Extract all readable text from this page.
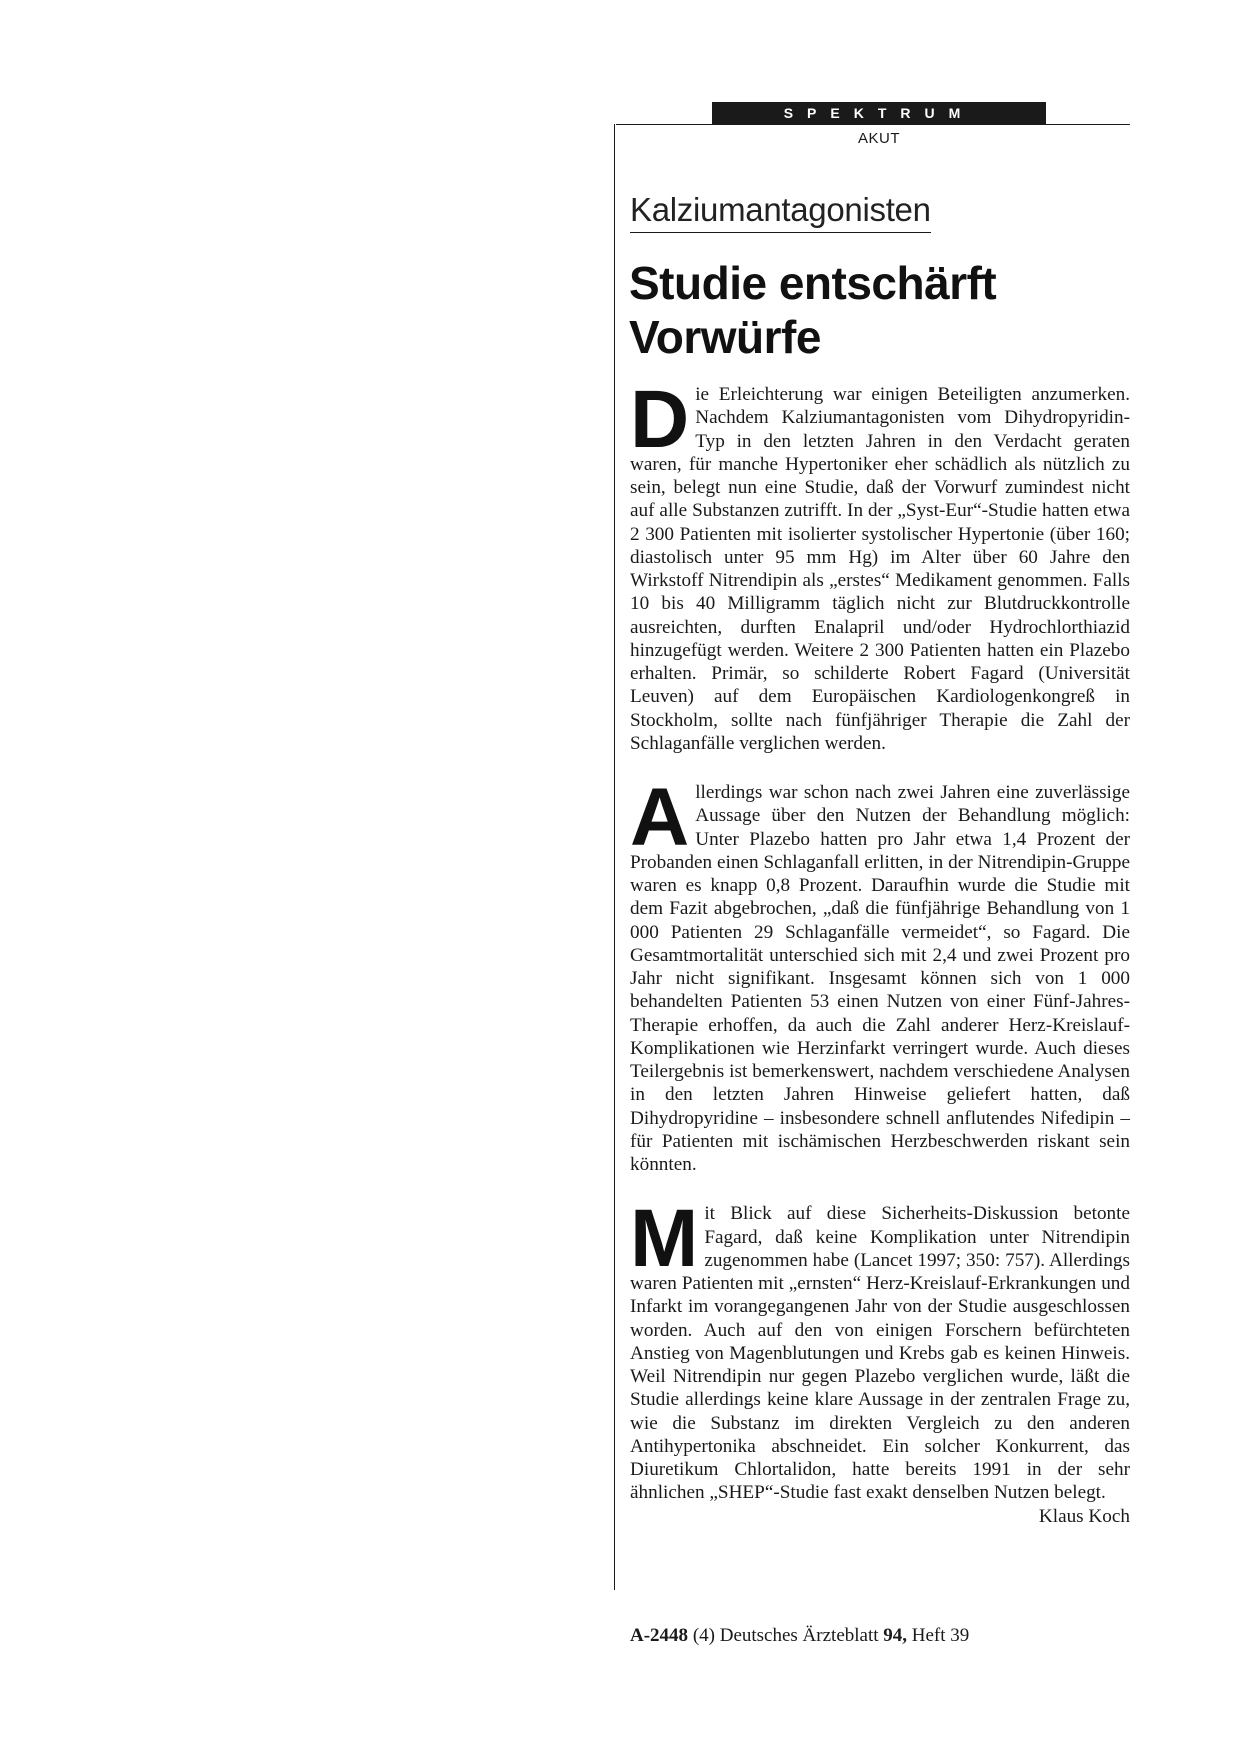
SPEKTRUM
AKUT
Kalziumantagonisten
Studie entschärft Vorwürfe

Die Erleichterung war einigen Beteiligten anzumerken. Nachdem Kalziumantagonisten vom Dihydropyridin-Typ in den letzten Jahren in den Verdacht geraten waren, für manche Hypertoniker eher schädlich als nützlich zu sein, belegt nun eine Studie, daß der Vorwurf zumindest nicht auf alle Substanzen zutrifft. In der „Syst-Eur“-Studie hatten etwa 2 300 Patienten mit isolierter systolischer Hypertonie (über 160; diastolisch unter 95 mm Hg) im Alter über 60 Jahre den Wirkstoff Nitrendipin als „erstes“ Medikament genommen. Falls 10 bis 40 Milligramm täglich nicht zur Blutdruckkontrolle ausreichten, durften Enalapril und/oder Hydrochlorthiazid hinzugefügt werden. Weitere 2 300 Patienten hatten ein Plazebo erhalten. Primär, so schilderte Robert Fagard (Universität Leuven) auf dem Europäischen Kardiologenkongreß in Stockholm, sollte nach fünfjähriger Therapie die Zahl der Schlaganfälle verglichen werden.

Allerdings war schon nach zwei Jahren eine zuverlässige Aussage über den Nutzen der Behandlung möglich: Unter Plazebo hatten pro Jahr etwa 1,4 Prozent der Probanden einen Schlaganfall erlitten, in der Nitrendipin-Gruppe waren es knapp 0,8 Prozent. Daraufhin wurde die Studie mit dem Fazit abgebrochen, „daß die fünfjährige Behandlung von 1 000 Patienten 29 Schlaganfälle vermeidet“, so Fagard. Die Gesamtmortalität unterschied sich mit 2,4 und zwei Prozent pro Jahr nicht signifikant. Insgesamt können sich von 1 000 behandelten Patienten 53 einen Nutzen von einer Fünf-Jahres-Therapie erhoffen, da auch die Zahl anderer Herz-Kreislauf-Komplikationen wie Herzinfarkt verringert wurde. Auch dieses Teilergebnis ist bemerkenswert, nachdem verschiedene Analysen in den letzten Jahren Hinweise geliefert hatten, daß Dihydropyridine – insbesondere schnell anflutendes Nifedipin – für Patienten mit ischämischen Herzbeschwerden riskant sein könnten.

Mit Blick auf diese Sicherheits-Diskussion betonte Fagard, daß keine Komplikation unter Nitrendipin zugenommen habe (Lancet 1997; 350: 757). Allerdings waren Patienten mit „ernsten“ Herz-Kreislauf-Erkrankungen und Infarkt im vorangegangenen Jahr von der Studie ausgeschlossen worden. Auch auf den von einigen Forschern befürchteten Anstieg von Magenblutungen und Krebs gab es keinen Hinweis. Weil Nitrendipin nur gegen Plazebo verglichen wurde, läßt die Studie allerdings keine klare Aussage in der zentralen Frage zu, wie die Substanz im direkten Vergleich zu den anderen Antihypertonika abschneidet. Ein solcher Konkurrent, das Diuretikum Chlortalidon, hatte bereits 1991 in der sehr ähnlichen „SHEP“-Studie fast exakt denselben Nutzen belegt.
Klaus Koch

A-2448 (4) Deutsches Ärzteblatt 94, Heft 39
